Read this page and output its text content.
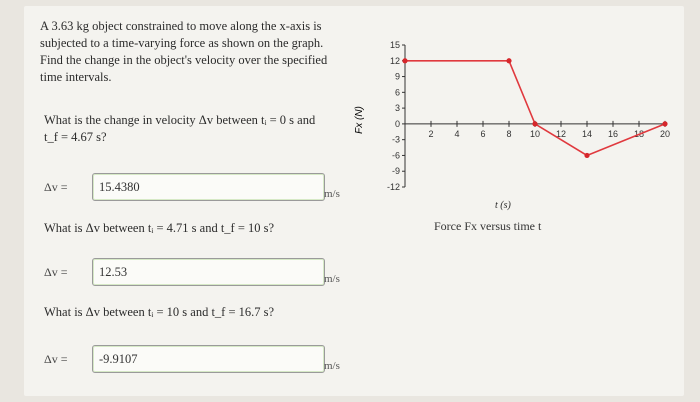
A 3.63 kg object constrained to move along the x-axis is
subjected to a time-varying force as shown on the graph.
Find the change in the object's velocity over the specified
time intervals.
What is the change in velocity Δv between tᵢ = 0 s and
t_f = 4.67 s?
Δv =
15.4380
m/s
What is Δv between tᵢ = 4.71 s and t_f = 10 s?
Δv =
12.53
m/s
What is Δv between tᵢ = 10 s and t_f = 16.7 s?
Δv =
-9.9107
m/s
15
12
9
6
3
0
-3
-6
-9
-12
2 4 6 8 10 12 14 16 18 20
Fx (N)
t (s)
Force Fx versus time t
